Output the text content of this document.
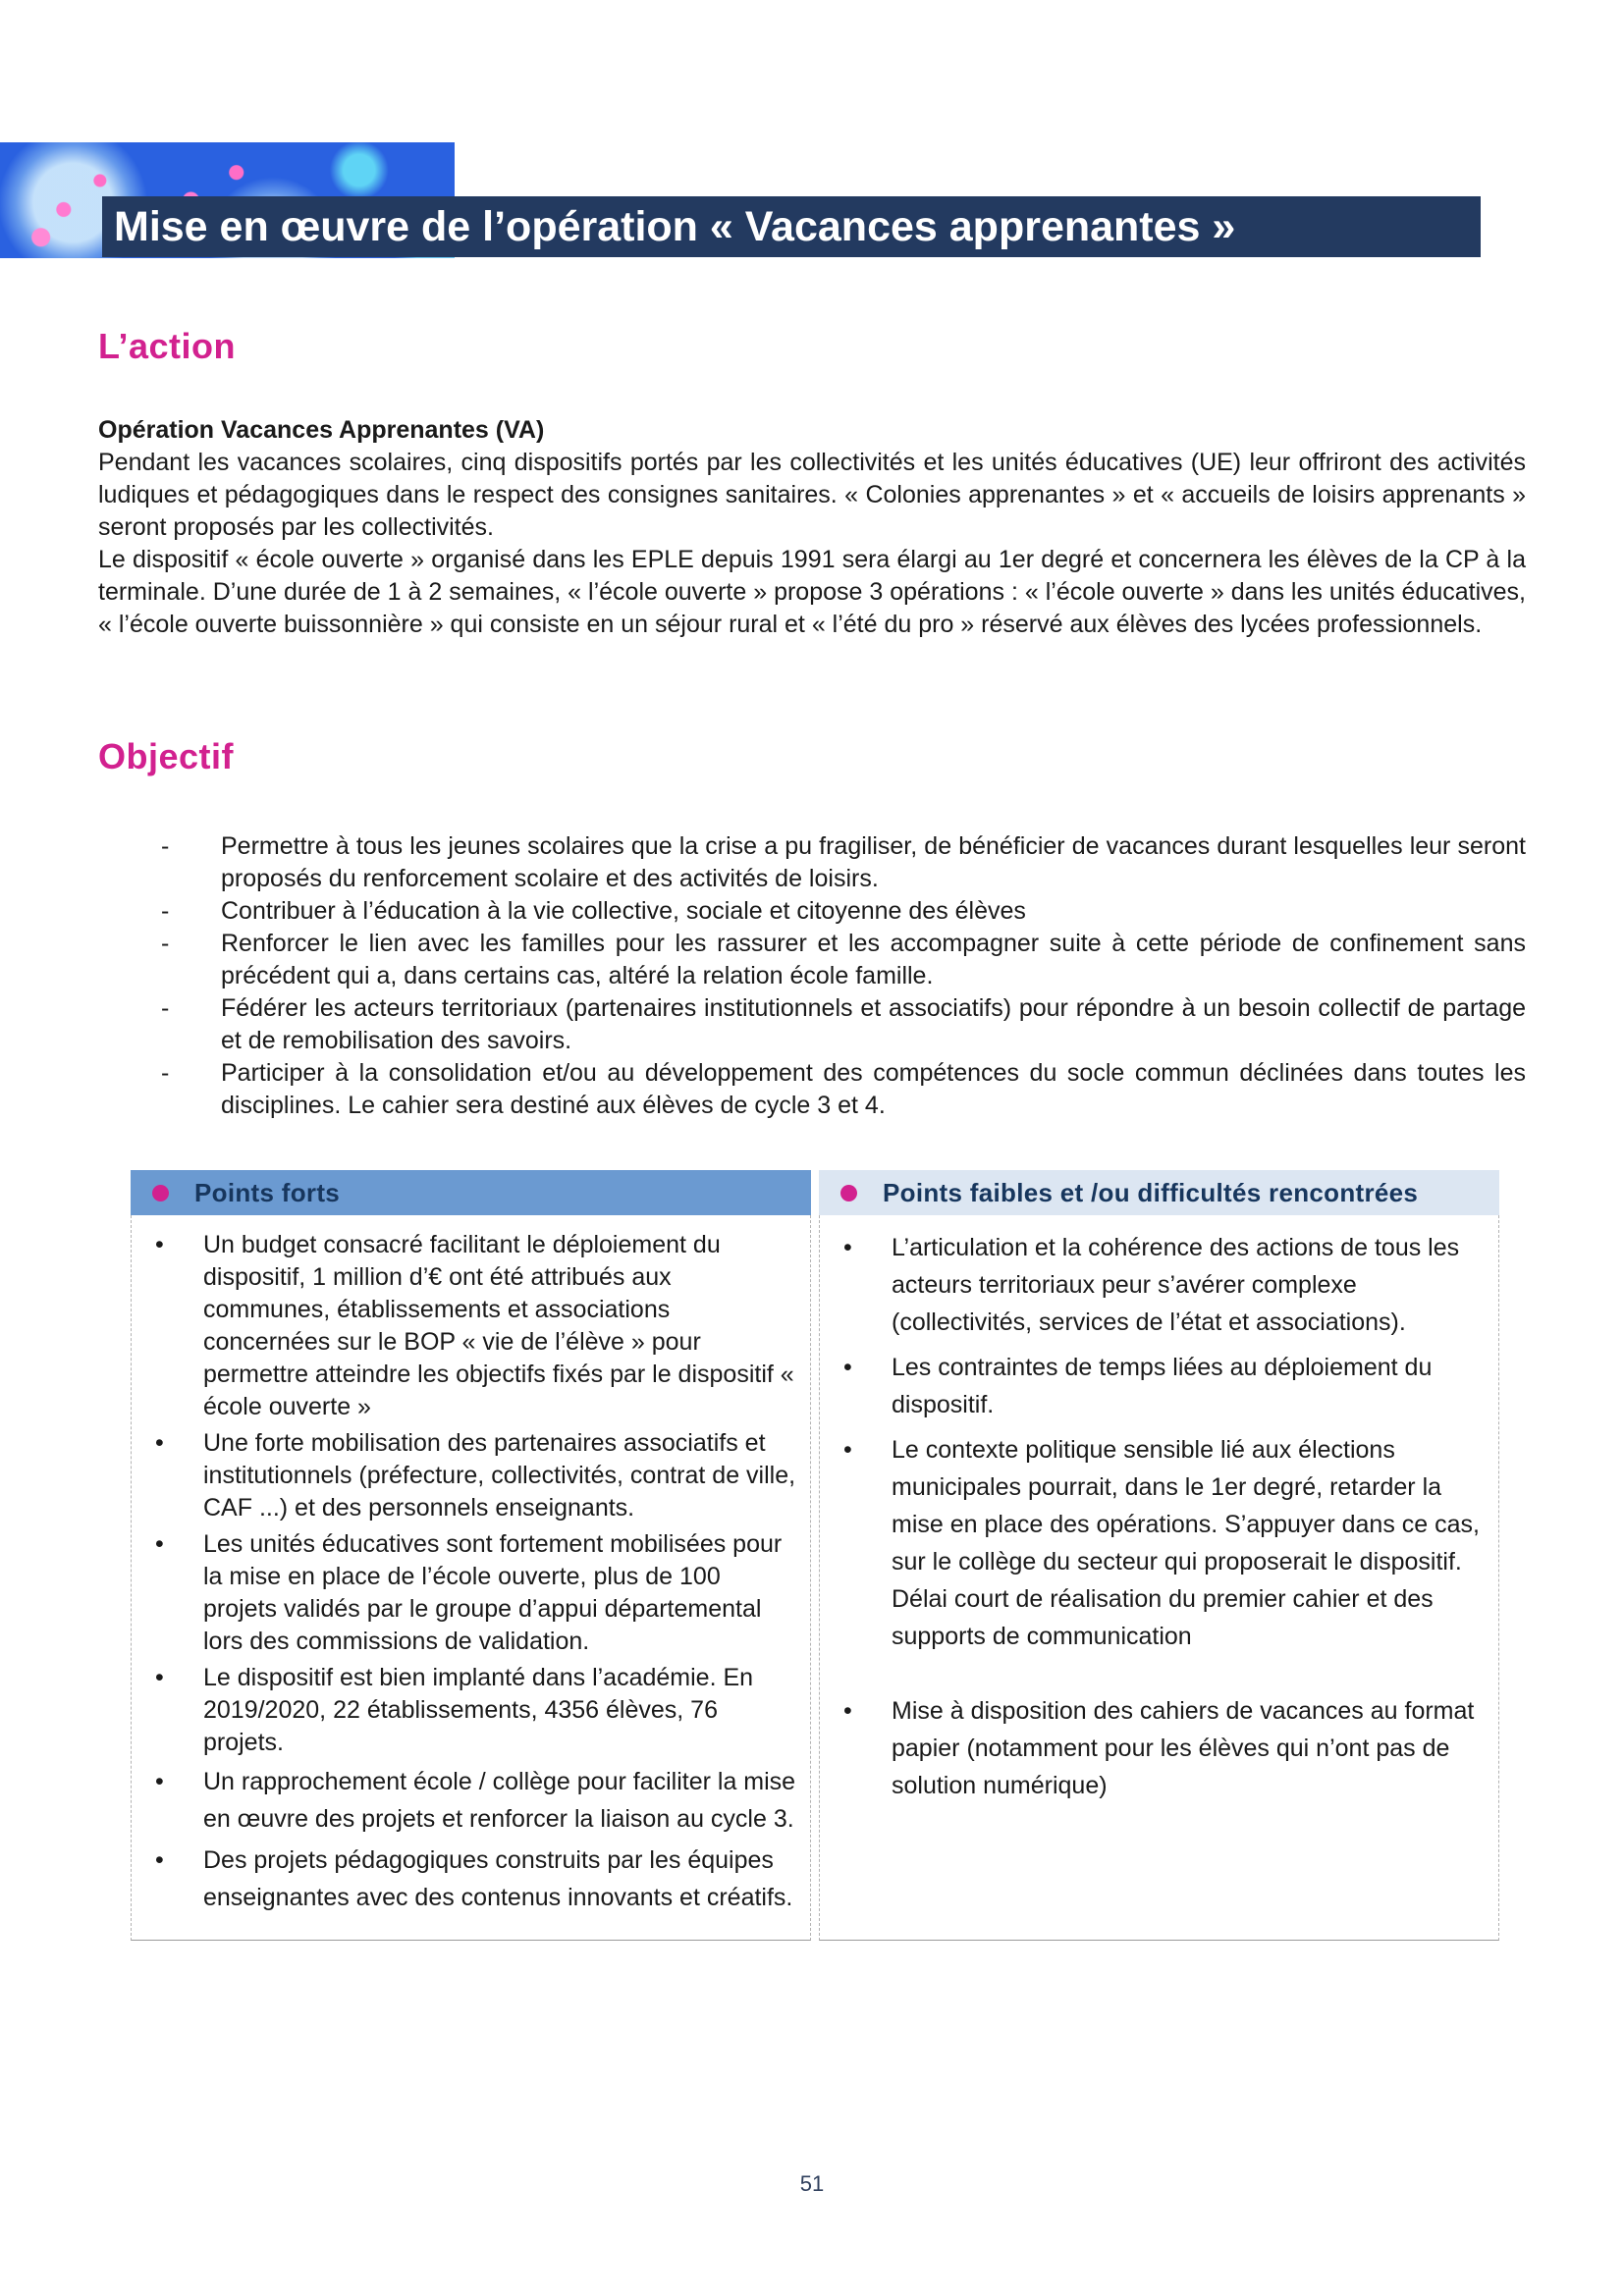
Mise en œuvre de l’opération « Vacances apprenantes »
L’action

Opération Vacances Apprenantes (VA)

Pendant les vacances scolaires, cinq dispositifs portés par les collectivités et les unités éducatives (UE) leur offriront des activités ludiques et pédagogiques dans le respect des consignes sanitaires. « Colonies apprenantes » et « accueils de loisirs apprenants » seront proposés par les collectivités.

Le dispositif « école ouverte » organisé dans les EPLE depuis 1991 sera élargi au 1er degré et concernera les élèves de la CP à la terminale. D’une durée de 1 à 2 semaines, « l’école ouverte » propose 3 opérations : « l’école ouverte » dans les unités éducatives, « l’école ouverte buissonnière » qui consiste en un séjour rural et « l’été du pro » réservé aux élèves des lycées professionnels.

Objectif
- Permettre à tous les jeunes scolaires que la crise a pu fragiliser, de bénéficier de vacances durant lesquelles leur seront proposés du renforcement scolaire et des activités de loisirs.
- Contribuer à l’éducation à la vie collective, sociale et citoyenne des élèves
- Renforcer le lien avec les familles pour les rassurer et les accompagner suite à cette période de confinement sans précédent qui a, dans certains cas, altéré la relation école famille.
- Fédérer les acteurs territoriaux (partenaires institutionnels et associatifs) pour répondre à un besoin collectif de partage et de remobilisation des savoirs.
- Participer à la consolidation et/ou au développement des compétences du socle commun déclinées dans toutes les disciplines. Le cahier sera destiné aux élèves de cycle 3 et 4.
Points forts	Points faibles et /ou difficultés rencontrées
• Un budget consacré facilitant le déploiement du dispositif, 1 million d’€ ont été attribués aux communes, établissements et associations concernées sur le BOP « vie de l’élève » pour permettre atteindre les objectifs fixés par le dispositif « école ouverte »
• Une forte mobilisation des partenaires associatifs et institutionnels (préfecture, collectivités, contrat de ville, CAF ...) et des personnels enseignants.
• Les unités éducatives sont fortement mobilisées pour la mise en place de l’école ouverte, plus de 100 projets validés par le groupe d’appui départemental lors des commissions de validation.
• Le dispositif est bien implanté dans l’académie. En 2019/2020, 22 établissements, 4356 élèves, 76 projets.
• Un rapprochement école / collège pour faciliter la mise en œuvre des projets et renforcer la liaison au cycle 3.
• Des projets pédagogiques construits par les équipes enseignantes avec des contenus innovants et créatifs.
• L’articulation et la cohérence des actions de tous les acteurs territoriaux peur s’avérer complexe (collectivités, services de l’état et associations).
• Les contraintes de temps liées au déploiement du dispositif.
• Le contexte politique sensible lié aux élections municipales pourrait, dans le 1er degré, retarder la mise en place des opérations. S’appuyer dans ce cas, sur le collège du secteur qui proposerait le dispositif. Délai court de réalisation du premier cahier et des supports de communication
• Mise à disposition des cahiers de vacances au format papier (notamment pour les élèves qui n’ont pas de solution numérique)
51
